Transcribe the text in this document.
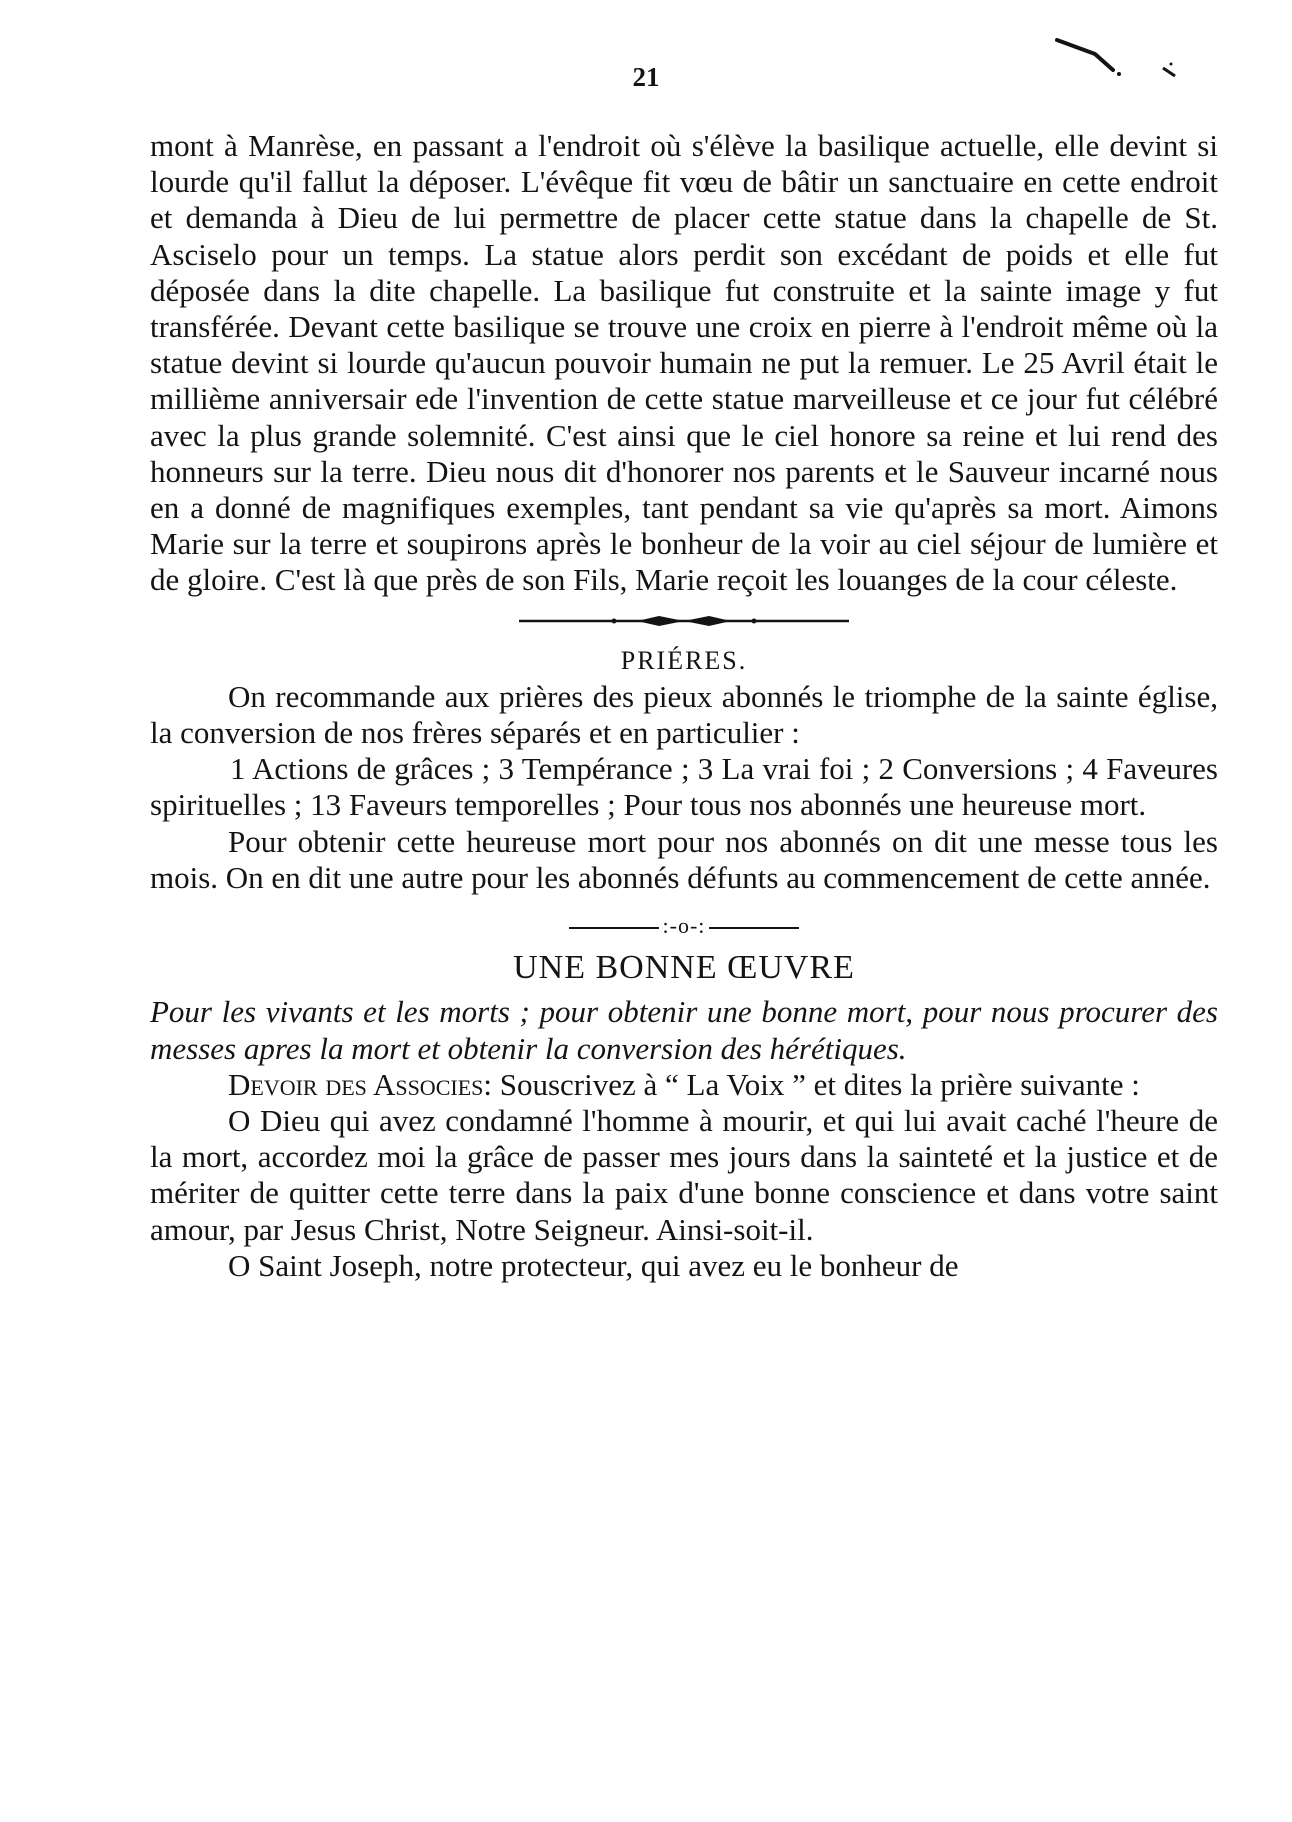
21

mont à Manrèse, en passant a l'endroit où s'élève la basilique actuelle, elle devint si lourde qu'il fallut la déposer. L'évêque fit vœu de bâtir un sanctuaire en cette endroit et demanda à Dieu de lui permettre de placer cette statue dans la chapelle de St. Asciselo pour un temps. La statue alors perdit son excédant de poids et elle fut déposée dans la dite chapelle. La basilique fut construite et la sainte image y fut transférée. Devant cette basilique se trouve une croix en pierre à l'endroit même où la statue devint si lourde qu'aucun pouvoir humain ne put la remuer. Le 25 Avril était le millième anniversair ede l'invention de cette statue marveilleuse et ce jour fut célébré avec la plus grande solemnité. C'est ainsi que le ciel honore sa reine et lui rend des honneurs sur la terre. Dieu nous dit d'honorer nos parents et le Sauveur incarné nous en a donné de magnifiques exemples, tant pendant sa vie qu'après sa mort. Aimons Marie sur la terre et soupirons après le bonheur de la voir au ciel séjour de lumière et de gloire. C'est là que près de son Fils, Marie reçoit les louanges de la cour céleste.

PRIÉRES.

On recommande aux prières des pieux abonnés le triomphe de la sainte église, la conversion de nos frères séparés et en particulier :

1 Actions de grâces ; 3 Tempérance ; 3 La vrai foi ; 2 Conversions ; 4 Faveures spirituelles ; 13 Faveurs temporelles ; Pour tous nos abonnés une heureuse mort.

Pour obtenir cette heureuse mort pour nos abonnés on dit une messe tous les mois. On en dit une autre pour les abonnés défunts au commencement de cette année.

:-o-:
UNE BONNE ŒUVRE

Pour les vivants et les morts ; pour obtenir une bonne mort, pour nous procurer des messes apres la mort et obtenir la conversion des hérétiques.

Devoir des Associes: Souscrivez à “ La Voix ” et dites la prière suivante :

O Dieu qui avez condamné l'homme à mourir, et qui lui avait caché l'heure de la mort, accordez moi la grâce de passer mes jours dans la sainteté et la justice et de mériter de quitter cette terre dans la paix d'une bonne conscience et dans votre saint amour, par Jesus Christ, Notre Seigneur. Ainsi-soit-il.

O Saint Joseph, notre protecteur, qui avez eu le bonheur de
